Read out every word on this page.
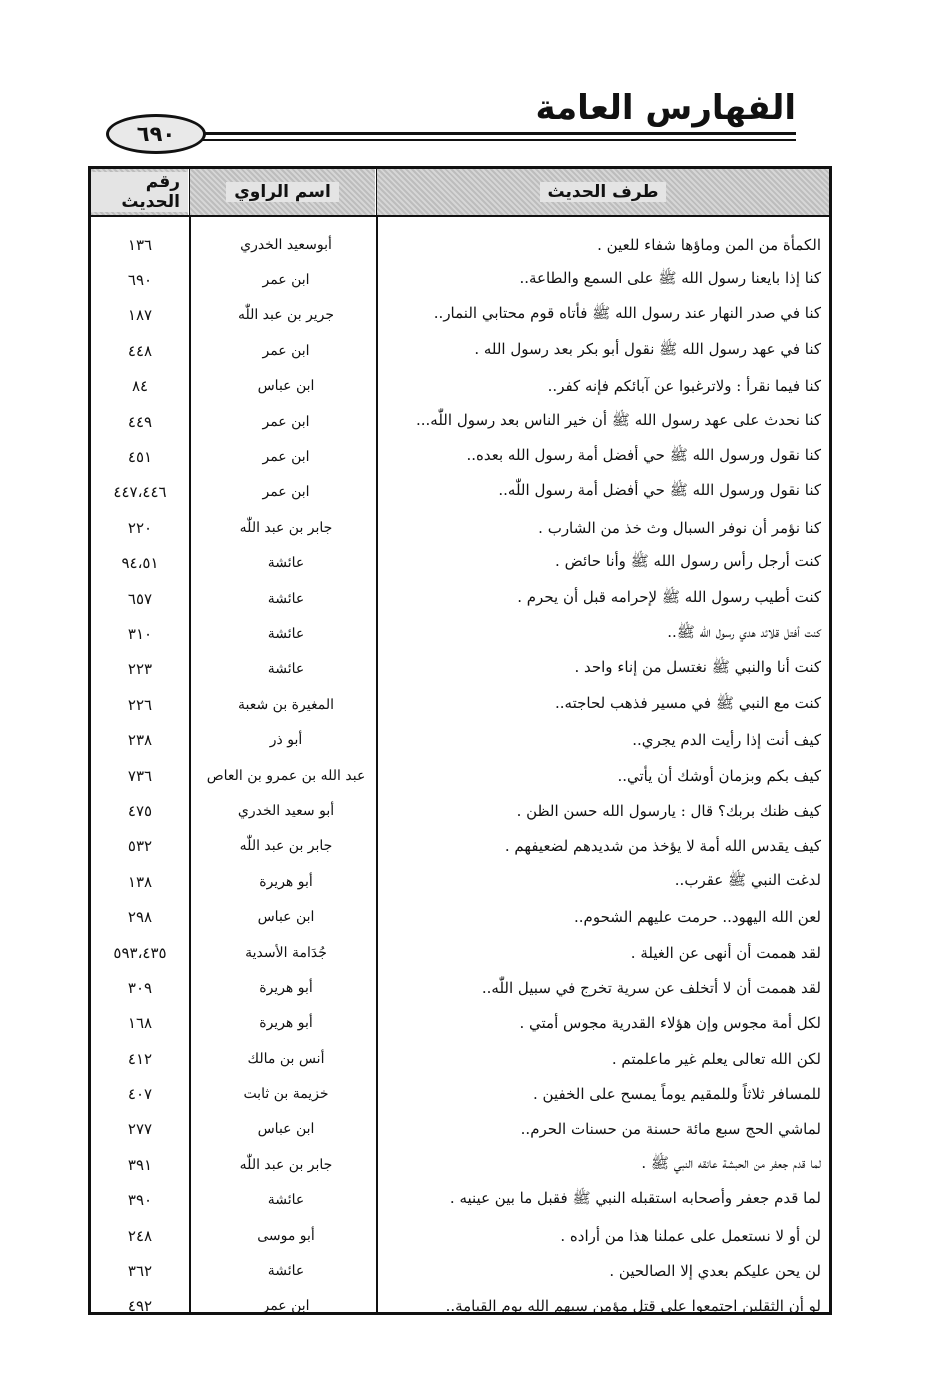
الفهارس العامة
٦٩٠
طرف الحديث
اسم الراوي
رقم الحديث
الكمأة من المن وماؤها شفاء للعين .
أبوسعيد الخدري
١٣٦
كنا إذا بايعنا رسول الله ﷺ على السمع والطاعة..
ابن عمر
٦٩٠
كنا في صدر النهار عند رسول الله ﷺ فأتاه قوم محتابي النمار..
جرير بن عبد اللّٰه
١٨٧
كنا في عهد رسول الله ﷺ نقول أبو بكر بعد رسول الله .
ابن عمر
٤٤٨
كنا فيما نقرأ : ولاترغبوا عن آبائكم فإنه كفر..
ابن عباس
٨٤
كنا نحدث على عهد رسول الله ﷺ أن خير الناس بعد رسول اللّٰه...
ابن عمر
٤٤٩
كنا نقول ورسول الله ﷺ حي أفضل أمة رسول الله بعده..
ابن عمر
٤٥١
كنا نقول ورسول الله ﷺ حي أفضل أمة رسول اللّٰه..
ابن عمر
٤٤٧،٤٤٦
كنا نؤمر أن نوفر السبال وث خذ من الشارب .
جابر بن عبد اللّٰه
٢٢٠
كنت أرجل رأس رسول الله ﷺ وأنا حائض .
عائشة
٩٤،٥١
كنت أطيب رسول الله ﷺ لإحرامه قبل أن يحرم .
عائشة
٦٥٧
كنت أفتل قلائد هدي رسول الله ﷺ..
عائشة
٣١٠
كنت أنا والنبي ﷺ نغتسل من إناء واحد .
عائشة
٢٢٣
كنت مع النبي ﷺ في مسير فذهب لحاجته..
المغيرة بن شعبة
٢٢٦
كيف أنت إذا رأيت الدم يجري..
أبو ذر
٢٣٨
كيف بكم وبزمان أوشك أن يأتي..
عبد الله بن عمرو بن العاص
٧٣٦
كيف ظنك بربك؟ قال : يارسول الله حسن الظن .
أبو سعيد الخدري
٤٧٥
كيف يقدس الله أمة لا يؤخذ من شديدهم لضعيفهم .
جابر بن عبد اللّٰه
٥٣٢
لدغت النبي ﷺ عقرب..
أبو هريرة
١٣٨
لعن الله اليهود.. حرمت عليهم الشحوم..
ابن عباس
٢٩٨
لقد هممت أن أنهى عن الغيلة .
جُدَامة الأسدية
٥٩٣،٤٣٥
لقد هممت أن لا أتخلف عن سرية تخرج في سبيل اللّٰه..
أبو هريرة
٣٠٩
لكل أمة مجوس وإن هؤلاء القدرية مجوس أمتي .
أبو هريرة
١٦٨
لكن الله تعالى يعلم غير ماعلمتم .
أنس بن مالك
٤١٢
للمسافر ثلاثاً وللمقيم يوماً يمسح على الخفين .
خزيمة بن ثابت
٤٠٧
لماشي الحج سبع مائة حسنة من حسنات الحرم..
ابن عباس
٢٧٧
لما قدم جعفر من الحبشة عانقه النبي ﷺ .
جابر بن عبد اللّٰه
٣٩١
لما قدم جعفر وأصحابه استقبله النبي ﷺ فقبل ما بين عينيه .
عائشة
٣٩٠
لن أو لا نستعمل على عملنا هذا من أراده .
أبو موسى
٢٤٨
لن يحن عليكم بعدي إلا الصالحين .
عائشة
٣٦٢
لو أن الثقلين اجتمعوا على قتل مؤمن سبهم الله يوم القيامة..
ابن عمر
٤٩٢
